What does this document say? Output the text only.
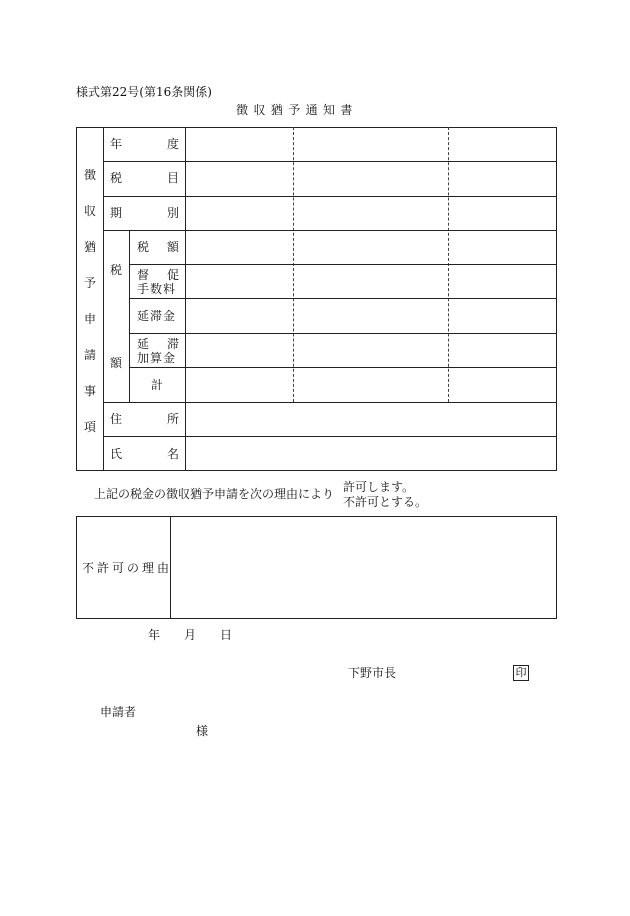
様式第22号(第16条関係)
徴収猶予通知書
徴
収
猶
予
申
請
事
項
年	度
税	目
期	別
税
額
税 額
督 促
手数料
延滞金
延 滞
加算金
計
住	所
氏	名
上記の税金の徴収猶予申請を次の理由により 許可します。
不許可とする。
不許可の理由
年 月 日
下野市長	印
申請者
様
